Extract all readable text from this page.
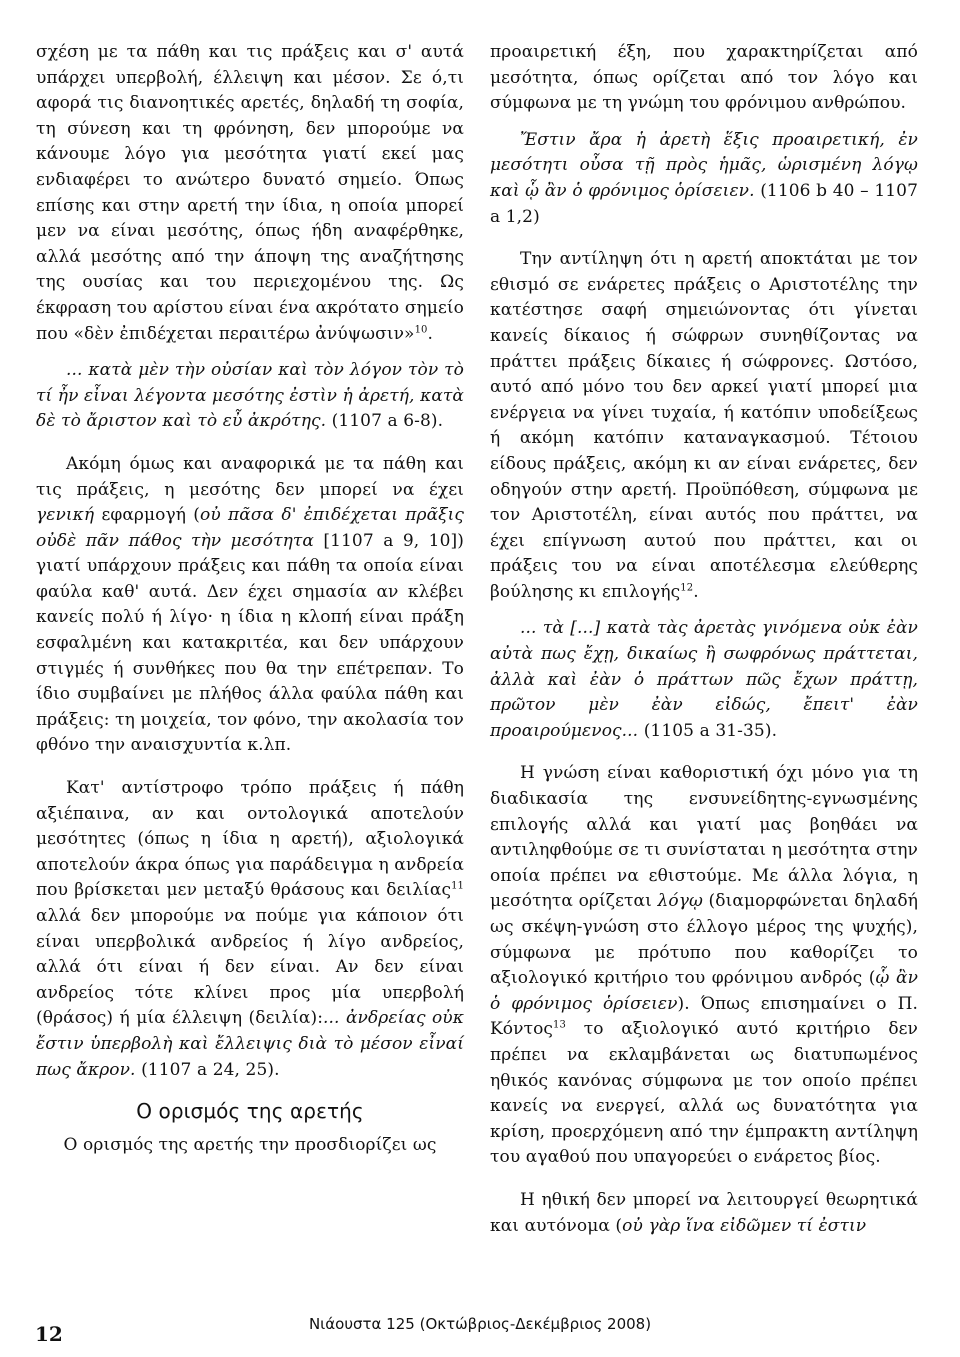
σχέση με τα πάθη και τις πράξεις και σ' αυτά υπάρχει υπερβολή, έλλειψη και μέσον. Σε ό,τι αφορά τις διανοητικές αρετές, δηλαδή τη σοφία, τη σύνεση και τη φρόνηση, δεν μπορούμε να κάνουμε λόγο για μεσότητα γιατί εκεί μας ενδιαφέρει το ανώτερο δυνατό σημείο. Όπως επίσης και στην αρετή την ίδια, η οποία μπορεί μεν να είναι μεσότης, όπως ήδη αναφέρθηκε, αλλά μεσότης από την άποψη της αναζήτησης της ουσίας και του περιεχομένου της. Ως έκφραση του αρίστου είναι ένα ακρότατο σημείο που «δὲν ἐπιδέχεται περαιτέρω ἀνύψωσιν»$^{10}$.

... κατὰ μὲν τὴν οὐσίαν καὶ τὸν λόγον τὸν τὸ τί ἦν εἶναι λέγοντα μεσότης ἐστὶν ἡ ἀρετή, κατὰ δὲ τὸ ἄριστον καὶ τὸ εὖ ἀκρότης. (1107 a 6-8).

Ακόμη όμως και αναφορικά με τα πάθη και τις πράξεις, η μεσότης δεν μπορεί να έχει γενική εφαρμογή (οὐ πᾶσα δ' ἐπιδέχεται πρᾶξις οὐδὲ πᾶν πάθος τὴν μεσότητα [1107 a 9, 10]) γιατί υπάρχουν πράξεις και πάθη τα οποία είναι φαύλα καθ' αυτά. Δεν έχει σημασία αν κλέβει κανείς πολύ ή λίγο· η ίδια η κλοπή είναι πράξη εσφαλμένη και κατακριτέα, και δεν υπάρχουν στιγμές ή συνθήκες που θα την επέτρεπαν. Το ίδιο συμβαίνει με πλήθος άλλα φαύλα πάθη και πράξεις: τη μοιχεία, τον φόνο, την ακολασία τον φθόνο την αναισχυντία κ.λπ.

Κατ' αντίστροφο τρόπο πράξεις ή πάθη αξιέπαινα, αν και οντολογικά αποτελούν μεσότητες (όπως η ίδια η αρετή), αξιολογικά αποτελούν άκρα όπως για παράδειγμα η ανδρεία που βρίσκεται μεν μεταξύ θράσους και δειλίας$^{11}$ αλλά δεν μπορούμε να πούμε για κάποιον ότι είναι υπερβολικά ανδρείος ή λίγο ανδρείος, αλλά ότι είναι ή δεν είναι. Αν δεν είναι ανδρείος τότε κλίνει προς μία υπερβολή (θράσος) ή μία έλλειψη (δειλία):... ἀνδρείας οὐκ ἔστιν ὑπερβολὴ καὶ ἔλλειψις διὰ τὸ μέσον εἶναί πως ἄκρον. (1107 a 24, 25).

Ο ορισμός της αρετής

Ο ορισμός της αρετής την προσδιορίζει ως

προαιρετική έξη, που χαρακτηρίζεται από μεσότητα, όπως ορίζεται από τον λόγο και σύμφωνα με τη γνώμη του φρόνιμου ανθρώπου.

Ἔστιν ἄρα ἡ ἀρετὴ ἕξις προαιρετική, ἐν μεσότητι οὖσα τῇ πρὸς ἡμᾶς, ὡρισμένη λόγῳ καὶ ᾧ ἂν ὁ φρόνιμος ὁρίσειεν. (1106 b 40 – 1107 a 1,2)

Την αντίληψη ότι η αρετή αποκτάται με τον εθισμό σε ενάρετες πράξεις ο Αριστοτέλης την κατέστησε σαφή σημειώνοντας ότι γίνεται κανείς δίκαιος ή σώφρων συνηθίζοντας να πράττει πράξεις δίκαιες ή σώφρονες. Ωστόσο, αυτό από μόνο του δεν αρκεί γιατί μπορεί μια ενέργεια να γίνει τυχαία, ή κατόπιν υποδείξεως ή ακόμη κατόπιν καταναγκασμού. Τέτοιου είδους πράξεις, ακόμη κι αν είναι ενάρετες, δεν οδηγούν στην αρετή. Προϋπόθεση, σύμφωνα με τον Αριστοτέλη, είναι αυτός που πράττει, να έχει επίγνωση αυτού που πράττει, και οι πράξεις του να είναι αποτέλεσμα ελεύθερης βούλησης κι επιλογής$^{12}$.

... τὰ [...] κατὰ τὰς ἀρετὰς γινόμενα οὐκ ἐὰν αὐτὰ πως ἔχῃ, δικαίως ἢ σωφρόνως πράττεται, ἀλλὰ καὶ ἐὰν ὁ πράττων πῶς ἔχων πράττῃ, πρῶτον μὲν ἐὰν εἰδώς, ἔπειτ' ἐὰν προαιρούμενος... (1105 a 31-35).

Η γνώση είναι καθοριστική όχι μόνο για τη διαδικασία της ενσυνείδητης-εγνωσμένης επιλογής αλλά και γιατί μας βοηθάει να αντιληφθούμε σε τι συνίσταται η μεσότητα στην οποία πρέπει να εθιστούμε. Με άλλα λόγια, η μεσότητα ορίζεται λόγῳ (διαμορφώνεται δηλαδή ως σκέψη-γνώση στο έλλογο μέρος της ψυχής), σύμφωνα με πρότυπο που καθορίζει το αξιολογικό κριτήριο του φρόνιμου ανδρός (ᾧ ἂν ὁ φρόνιμος ὁρίσειεν). Όπως επισημαίνει ο Π. Κόντος$^{13}$ το αξιολογικό αυτό κριτήριο δεν πρέπει να εκλαμβάνεται ως διατυπωμένος ηθικός κανόνας σύμφωνα με τον οποίο πρέπει κανείς να ενεργεί, αλλά ως δυνατότητα για κρίση, προερχόμενη από την έμπρακτη αντίληψη του αγαθού που υπαγορεύει ο ενάρετος βίος.

Η ηθική δεν μπορεί να λειτουργεί θεωρητικά και αυτόνομα (οὐ γὰρ ἵνα εἰδῶμεν τί ἐστιν

12	Νιάουστα 125 (Οκτώβριος-Δεκέμβριος 2008)
